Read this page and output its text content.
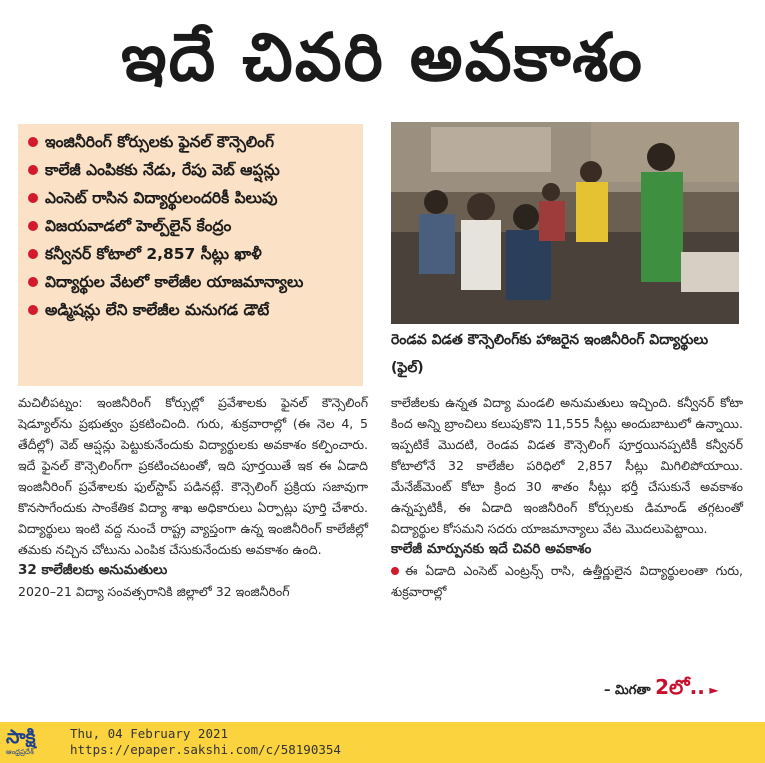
ఇదే చివరి అవకాశం
ఇంజినీరింగ్ కోర్సులకు ఫైనల్ కౌన్సెలింగ్
కాలేజీ ఎంపికకు నేడు, రేపు వెబ్ ఆప్షన్లు
ఎంసెట్ రాసిన విద్యార్థులందరికీ పిలుపు
విజయవాడలో హెల్ప్‌లైన్ కేంద్రం
కన్వీనర్ కోటాలో 2,857 సీట్లు ఖాళీ
విద్యార్థుల వేటలో కాలేజీల యాజమాన్యాలు
అడ్మిషన్లు లేని కాలేజీల మనుగడ డౌటే
రెండవ విడత కౌన్సెలింగ్‌కు హాజరైన ఇంజినీరింగ్ విద్యార్థులు (ఫైల్)
మచిలీపట్నం: ఇంజినీరింగ్ కోర్సుల్లో ప్రవేశాలకు ఫైనల్ కౌన్సెలింగ్ షెడ్యూల్‌ను ప్రభుత్వం ప్రకటించింది. గురు, శుక్రవారాల్లో (ఈ నెల 4, 5 తేదీల్లో) వెబ్ ఆప్షన్లు పెట్టుకునేందుకు విద్యార్థులకు అవకాశం కల్పించారు. ఇదే ఫైనల్ కౌన్సెలింగ్‌గా ప్రకటించటంతో, ఇది పూర్తయితే ఇక ఈ ఏడాది ఇంజినీరింగ్ ప్రవేశాలకు ఫుల్‌స్టాప్ పడినట్లే. కౌన్సెలింగ్ ప్రక్రియ సజావుగా కొనసాగేందుకు సాంకేతిక విద్యా శాఖ అధికారులు ఏర్పాట్లు పూర్తి చేశారు. విద్యార్థులు ఇంటి వద్ద నుంచే రాష్ట్ర వ్యాప్తంగా ఉన్న ఇంజినీరింగ్ కాలేజీల్లో తమకు నచ్చిన చోటును ఎంపిక చేసుకునేందుకు అవకాశం ఉంది.
32 కాలేజీలకు అనుమతులు
2020–21 విద్యా సంవత్సరానికి జిల్లాలో 32 ఇంజినీరింగ్
కాలేజీలకు ఉన్నత విద్యా మండలి అనుమతులు ఇచ్చింది. కన్వీనర్ కోటా కింద అన్ని బ్రాంచిలు కలుపుకొని 11,555 సీట్లు అందుబాటులో ఉన్నాయి. ఇప్పటికే మొదటి, రెండవ విడత కౌన్సెలింగ్ పూర్తయినప్పటికీ కన్వీనర్ కోటాలోనే 32 కాలేజీల పరిధిలో 2,857 సీట్లు మిగిలిపోయాయి. మేనేజ్‌మెంట్ కోటా క్రింద 30 శాతం సీట్లు భర్తీ చేసుకునే అవకాశం ఉన్నప్పటికీ, ఈ ఏడాది ఇంజినీరింగ్ కోర్సులకు డిమాండ్ తగ్గటంతో విద్యార్థుల కోసమని సదరు యాజమాన్యాలు వేట మొదలుపెట్టాయి.
కాలేజీ మార్పునకు ఇదే చివరి అవకాశం
ఈ ఏడాది ఎంసెట్ ఎంట్రన్స్ రాసి, ఉత్తీర్ణులైన విద్యార్థులంతా గురు, శుక్రవారాల్లో
– మిగతా 2లో.. ►
సాక్షి
ఆంధ్రప్రదేశ్
Thu, 04 February 2021
https://epaper.sakshi.com/c/58190354
